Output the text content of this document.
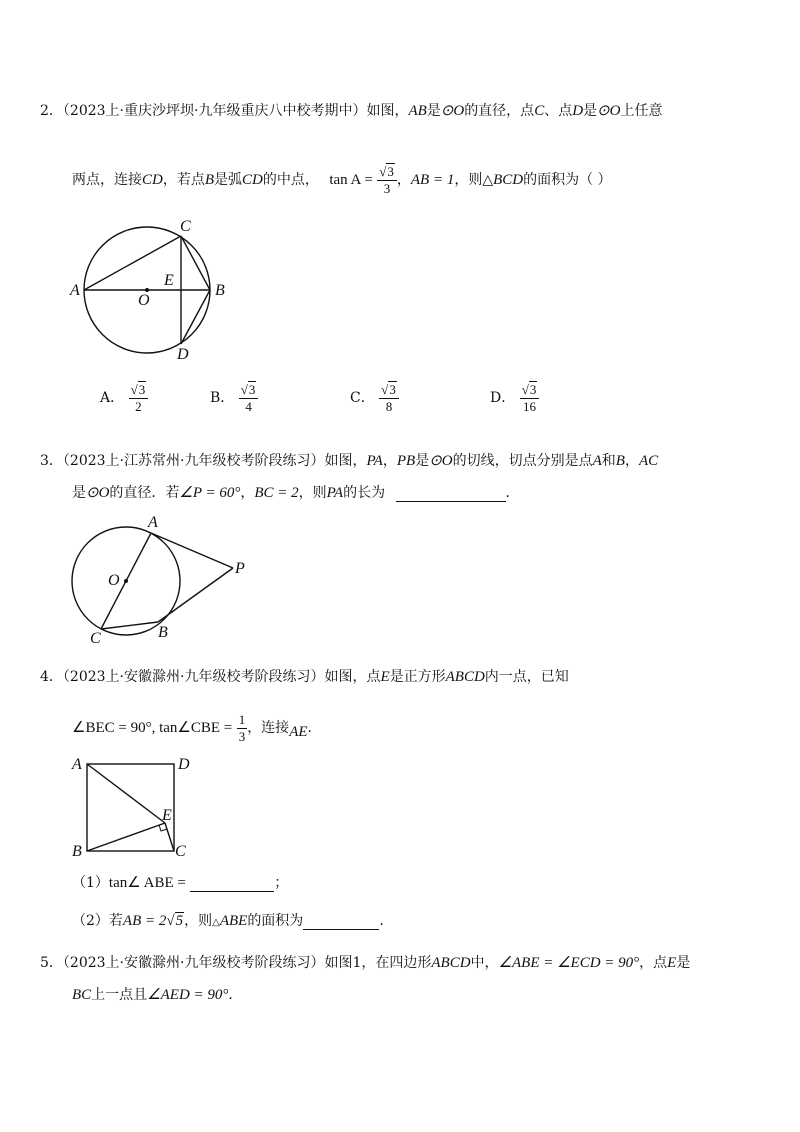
2．（2023上·重庆沙坪坝·九年级重庆八中校考期中）如图，AB是⊙O的直径，点C、点D是⊙O上任意
两点，连接CD，若点B是弧CD的中点， $\tan A = \frac{√3}{3}$ ，AB = 1，则△BCD的面积为（ ）
A	B
C
D
E
O
A． $\frac{√3}{2}$	B． $\frac{√3}{4}$	C． $\frac{√3}{8}$	D． $\frac{√3}{16}$
3．（2023上·江苏常州·九年级校考阶段练习）如图，PA，PB是⊙O的切线，切点分别是点A和B，AC
是⊙O的直径．若∠P = 60°，BC = 2，则PA的长为	．
A
B
C
O
P
4．（2023上·安徽滁州·九年级校考阶段练习）如图，点E是正方形ABCD内一点，已知
∠BEC = 90°, tan∠CBE = $\frac{1}{3}$ ，连接AE.
A
B	C
D
E
（1）tan∠ ABE =	；
（2）若AB = 2√5，则△ABE的面积为	.
5．（2023上·安徽滁州·九年级校考阶段练习）如图1，在四边形ABCD中，∠ABE = ∠ECD = 90°，点E是
BC上一点且∠AED = 90°．
